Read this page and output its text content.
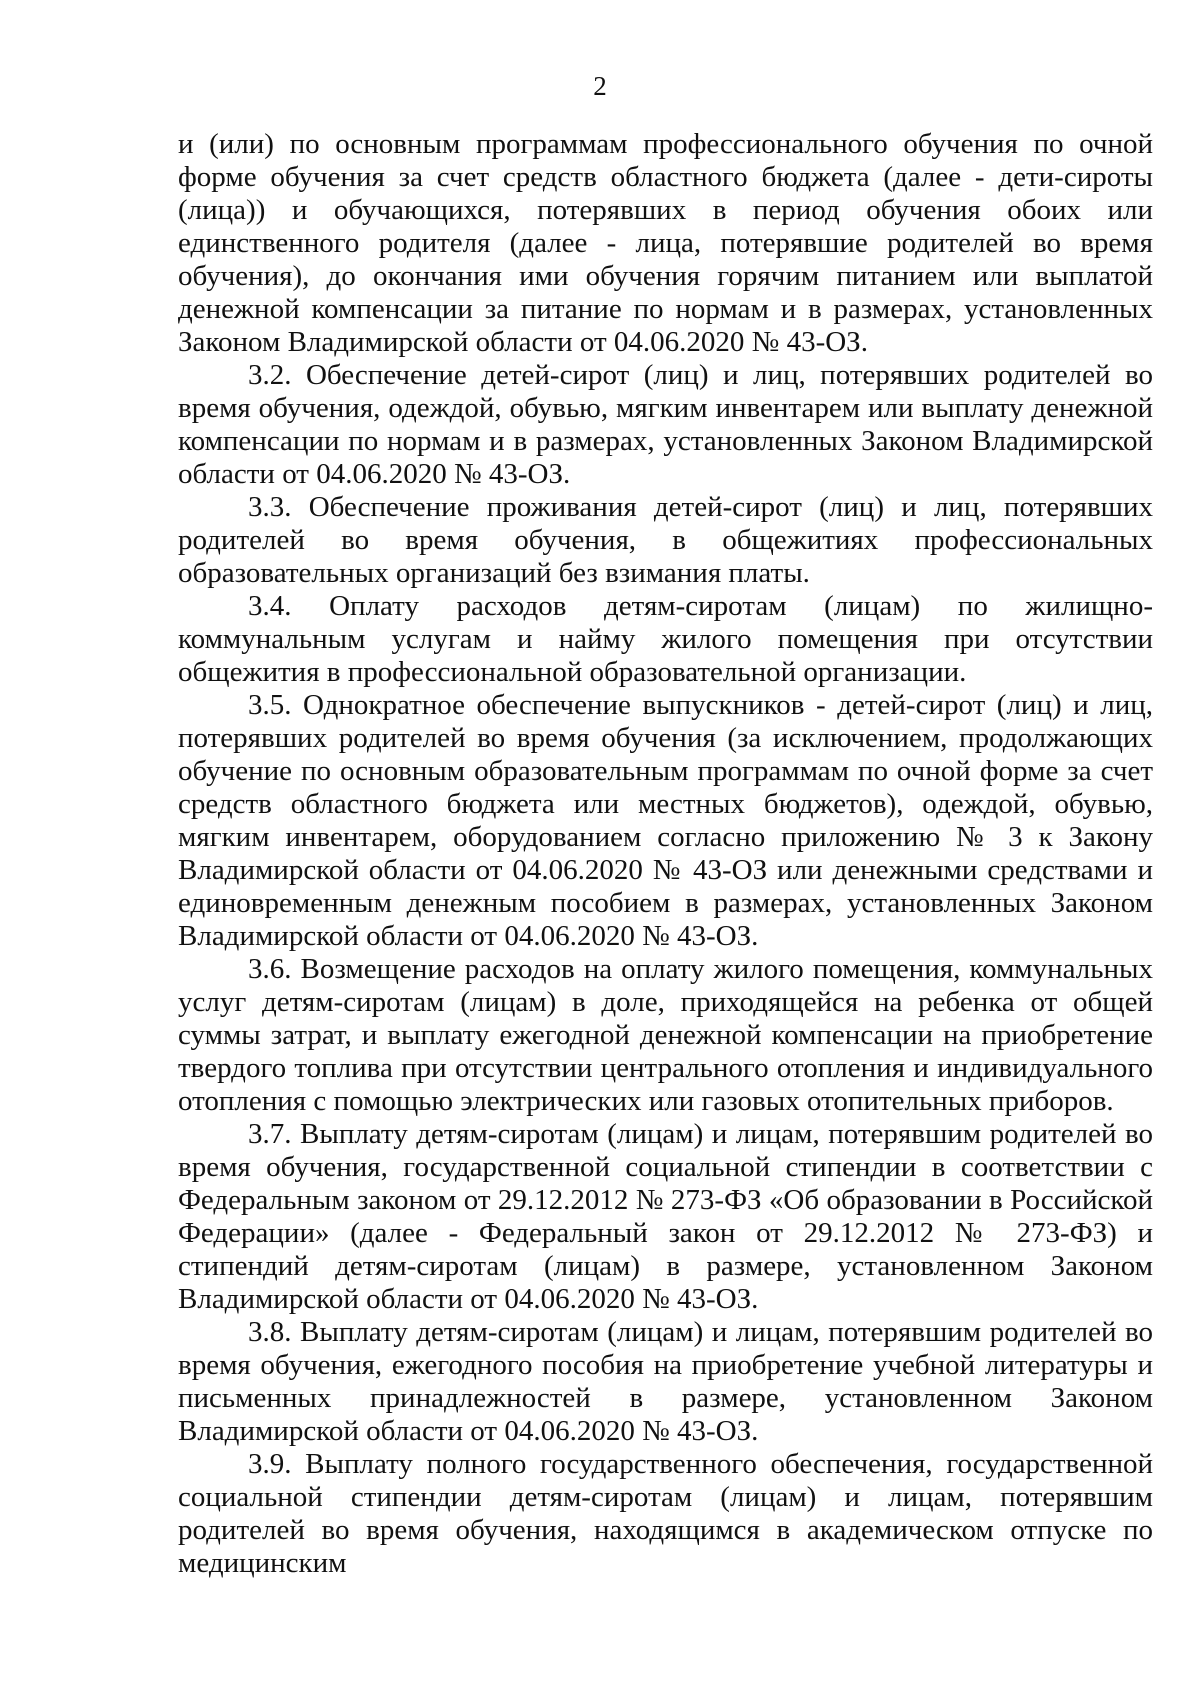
2

и (или) по основным программам профессионального обучения по очной форме обучения за счет средств областного бюджета (далее - дети-сироты (лица)) и обучающихся, потерявших в период обучения обоих или единственного родителя (далее - лица, потерявшие родителей во время обучения), до окончания ими обучения горячим питанием или выплатой денежной компенсации за питание по нормам и в размерах, установленных Законом Владимирской области от 04.06.2020 № 43-ОЗ.

3.2. Обеспечение детей-сирот (лиц) и лиц, потерявших родителей во время обучения, одеждой, обувью, мягким инвентарем или выплату денежной компенсации по нормам и в размерах, установленных Законом Владимирской области от 04.06.2020 № 43-ОЗ.

3.3. Обеспечение проживания детей-сирот (лиц) и лиц, потерявших родителей во время обучения, в общежитиях профессиональных образовательных организаций без взимания платы.

3.4. Оплату расходов детям-сиротам (лицам) по жилищно-коммунальным услугам и найму жилого помещения при отсутствии общежития в профессиональной образовательной организации.

3.5. Однократное обеспечение выпускников - детей-сирот (лиц) и лиц, потерявших родителей во время обучения (за исключением, продолжающих обучение по основным образовательным программам по очной форме за счет средств областного бюджета или местных бюджетов), одеждой, обувью, мягким инвентарем, оборудованием согласно приложению № 3 к Закону Владимирской области от 04.06.2020 № 43-ОЗ или денежными средствами и единовременным денежным пособием в размерах, установленных Законом Владимирской области от 04.06.2020 № 43-ОЗ.

3.6. Возмещение расходов на оплату жилого помещения, коммунальных услуг детям-сиротам (лицам) в доле, приходящейся на ребенка от общей суммы затрат, и выплату ежегодной денежной компенсации на приобретение твердого топлива при отсутствии центрального отопления и индивидуального отопления с помощью электрических или газовых отопительных приборов.

3.7. Выплату детям-сиротам (лицам) и лицам, потерявшим родителей во время обучения, государственной социальной стипендии в соответствии с Федеральным законом от 29.12.2012 № 273-ФЗ «Об образовании в Российской Федерации» (далее - Федеральный закон от 29.12.2012 № 273-ФЗ) и стипендий детям-сиротам (лицам) в размере, установленном Законом Владимирской области от 04.06.2020 № 43-ОЗ.

3.8. Выплату детям-сиротам (лицам) и лицам, потерявшим родителей во время обучения, ежегодного пособия на приобретение учебной литературы и письменных принадлежностей в размере, установленном Законом Владимирской области от 04.06.2020 № 43-ОЗ.

3.9. Выплату полного государственного обеспечения, государственной социальной стипендии детям-сиротам (лицам) и лицам, потерявшим родителей во время обучения, находящимся в академическом отпуске по медицинским
